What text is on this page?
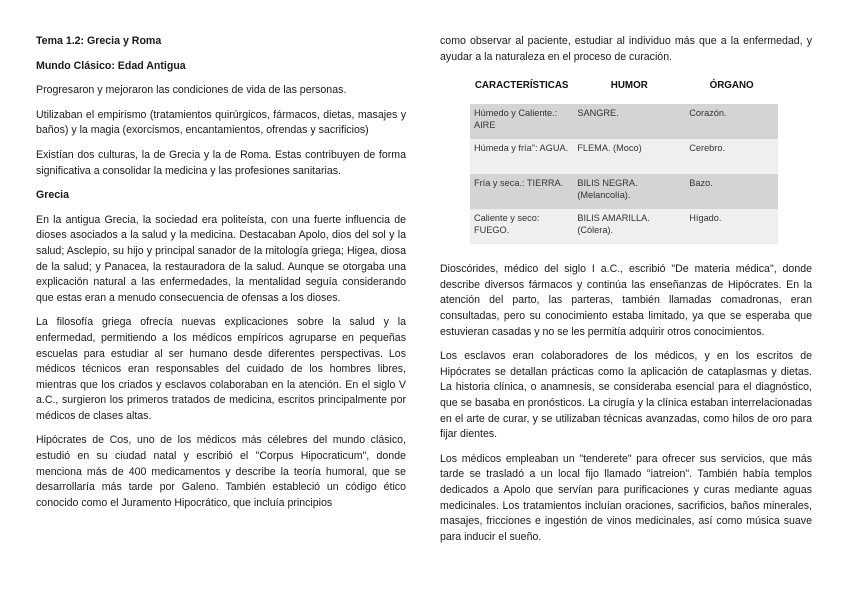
Tema 1.2: Grecia y Roma
Mundo Clásico: Edad Antigua

Progresaron y mejoraron las condiciones de vida de las personas.

Utilizaban el empirismo (tratamientos quirúrgicos, fármacos, dietas, masajes y baños) y la magia (exorcismos, encantamientos, ofrendas y sacrificios)

Existían dos culturas, la de Grecia y la de Roma. Estas contribuyen de forma significativa a consolidar la medicina y las profesiones sanitarias.

Grecia

En la antigua Grecia, la sociedad era politeísta, con una fuerte influencia de dioses asociados a la salud y la medicina. Destacaban Apolo, dios del sol y la salud; Asclepio, su hijo y principal sanador de la mitología griega; Higea, diosa de la salud; y Panacea, la restauradora de la salud. Aunque se otorgaba una explicación natural a las enfermedades, la mentalidad seguía considerando que estas eran a menudo consecuencia de ofensas a los dioses.

La filosofía griega ofrecía nuevas explicaciones sobre la salud y la enfermedad, permitiendo a los médicos empíricos agruparse en pequeñas escuelas para estudiar al ser humano desde diferentes perspectivas. Los médicos técnicos eran responsables del cuidado de los hombres libres, mientras que los criados y esclavos colaboraban en la atención. En el siglo V a.C., surgieron los primeros tratados de medicina, escritos principalmente por médicos de clases altas.

Hipócrates de Cos, uno de los médicos más célebres del mundo clásico, estudió en su ciudad natal y escribió el "Corpus Hipocraticum", donde menciona más de 400 medicamentos y describe la teoría humoral, que se desarrollaría más tarde por Galeno. También estableció un código ético conocido como el Juramento Hipocrático, que incluía principios

como observar al paciente, estudiar al individuo más que a la enfermedad, y ayudar a la naturaleza en el proceso de curación.

CARACTERÍSTICAS	HUMOR	ÓRGANO
Húmedo y Caliente.: AIRE	SANGRE.	Corazón.
Húmeda y fría": AGUA.	FLEMA. (Moco)	Cerebro.
Fría y seca.: TIERRA.	BILIS NEGRA. (Melancolía).	Bazo.
Caliente y seco: FUEGO.	BILIS AMARILLA. (Cólera).	Hígado.

Dioscórides, médico del siglo I a.C., escribió "De materia médica", donde describe diversos fármacos y continúa las enseñanzas de Hipócrates. En la atención del parto, las parteras, también llamadas comadronas, eran consultadas, pero su conocimiento estaba limitado, ya que se esperaba que estuvieran casadas y no se les permitía adquirir otros conocimientos.

Los esclavos eran colaboradores de los médicos, y en los escritos de Hipócrates se detallan prácticas como la aplicación de cataplasmas y dietas. La historia clínica, o anamnesis, se consideraba esencial para el diagnóstico, que se basaba en pronósticos. La cirugía y la clínica estaban interrelacionadas en el arte de curar, y se utilizaban técnicas avanzadas, como hilos de oro para fijar dientes.

Los médicos empleaban un "tenderete" para ofrecer sus servicios, que más tarde se trasladó a un local fijo llamado "iatreion". También había templos dedicados a Apolo que servían para purificaciones y curas mediante aguas medicinales. Los tratamientos incluían oraciones, sacrificios, baños minerales, masajes, fricciones e ingestión de vinos medicinales, así como música suave para inducir el sueño.
